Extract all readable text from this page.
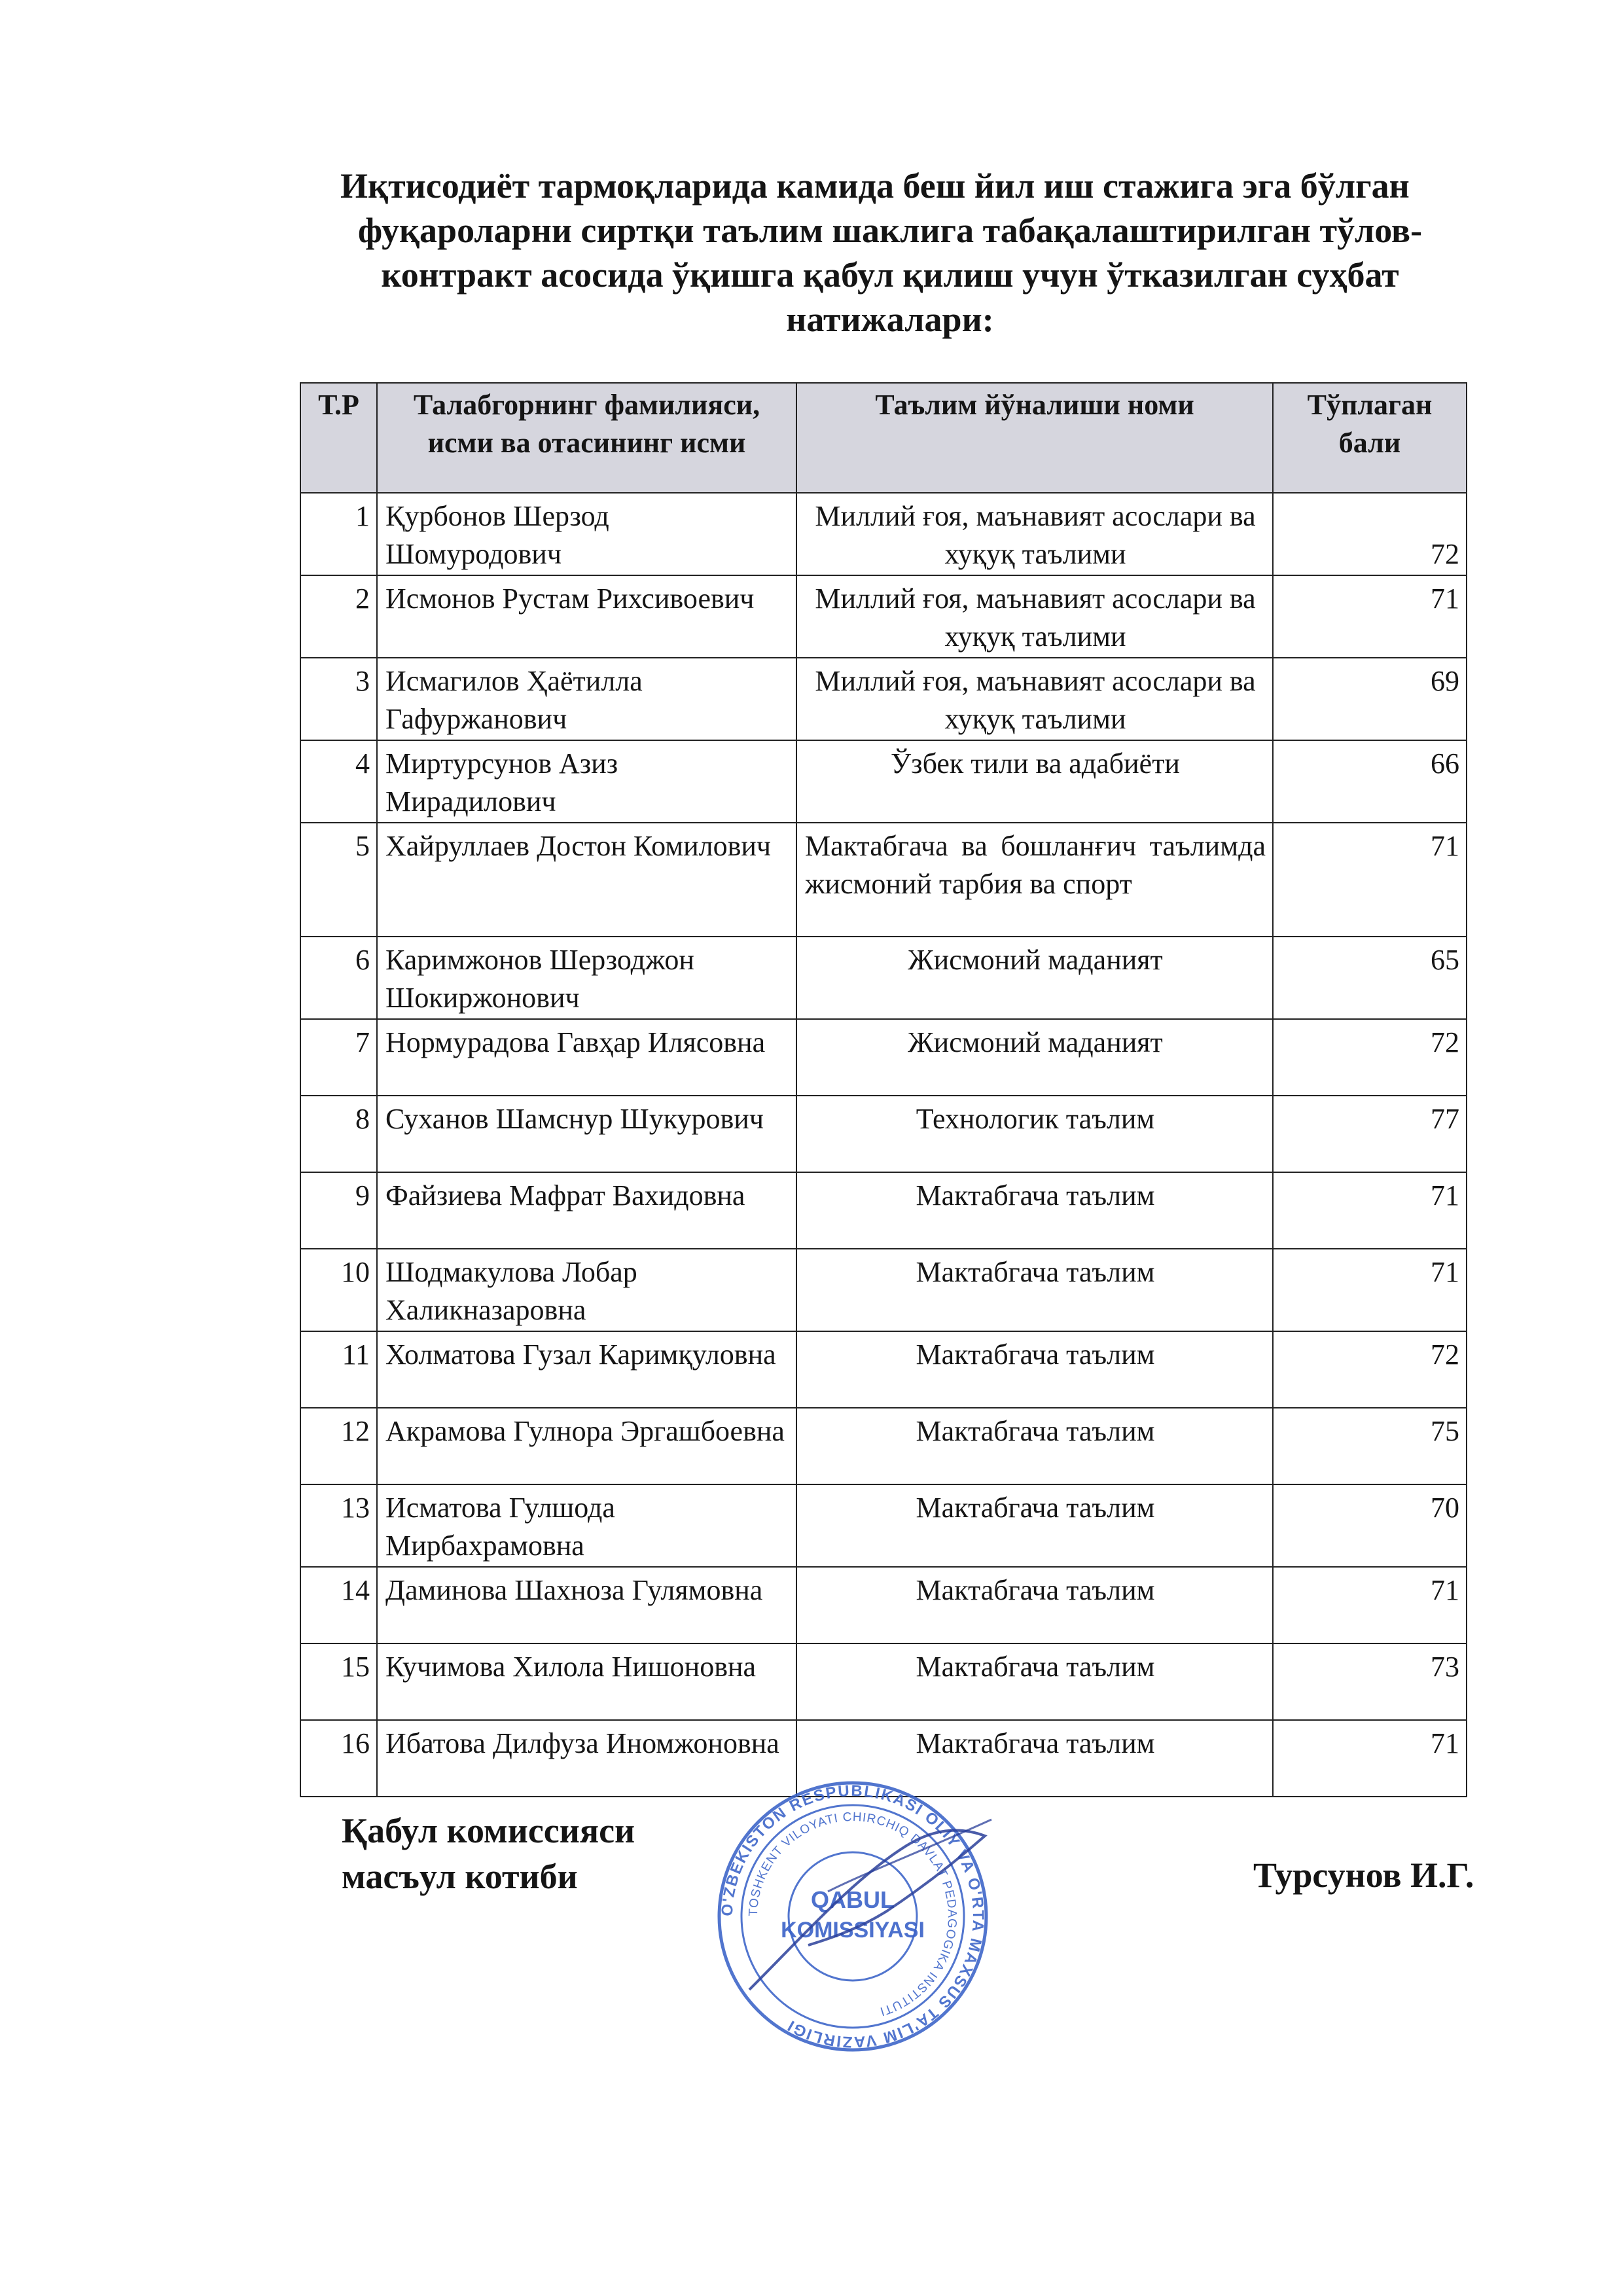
Иқтисодиёт тармоқларида камида беш йил иш стажига эга бўлган
фуқароларни сиртқи таълим шаклига табақалаштирилган тўлов-
контракт асосида ўқишга қабул қилиш учун ўтказилган суҳбат
натижалари:
Т.Р	Талабгорнинг фамилияси, исми ва отасининг исми	Таълим йўналиши номи	Тўплаган бали
1	Қурбонов Шерзод Шомуродович	Миллий ғоя, маънавият асослари ва хуқуқ таълими	72
2	Исмонов Рустам Рихсивоевич	Миллий ғоя, маънавият асослари ва хуқуқ таълими	71
3	Исмагилов Ҳаётилла Гафуржанович	Миллий ғоя, маънавият асослари ва хуқуқ таълими	69
4	Миртурсунов Азиз Мирадилович	Ўзбек тили ва адабиёти	66
5	Хайруллаев Достон Комилович	Мактабгача ва бошланғич таълимда жисмоний тарбия ва спорт	71
6	Каримжонов Шерзоджон Шокиржонович	Жисмоний маданият	65
7	Нормурадова Гавҳар Илясовна	Жисмоний маданият	72
8	Суханов Шамснур Шукурович	Технологик таълим	77
9	Файзиева Мафрат Вахидовна	Мактабгача таълим	71
10	Шодмакулова Лобар Халикназаровна	Мактабгача таълим	71
11	Холматова Гузал Каримқуловна	Мактабгача таълим	72
12	Акрамова Гулнора Эргашбоевна	Мактабгача таълим	75
13	Исматова Гулшода Мирбахрамовна	Мактабгача таълим	70
14	Даминова Шахноза Гулямовна	Мактабгача таълим	71
15	Кучимова Хилола Нишоновна	Мактабгача таълим	73
16	Ибатова Дилфуза Иномжоновна	Мактабгача таълим	71
Қабул комиссияси
масъул котиби
O'ZBEKISTON RESPUBLIKASI OLIY VA O'RTA MAXSUS TA'LIM VAZIRLIGI
TOSHKENT VILOYATI CHIRCHIQ DAVLAT PEDAGOGIKA INSTITUTI
QABUL
KOMISSIYASI
Турсунов И.Г.
